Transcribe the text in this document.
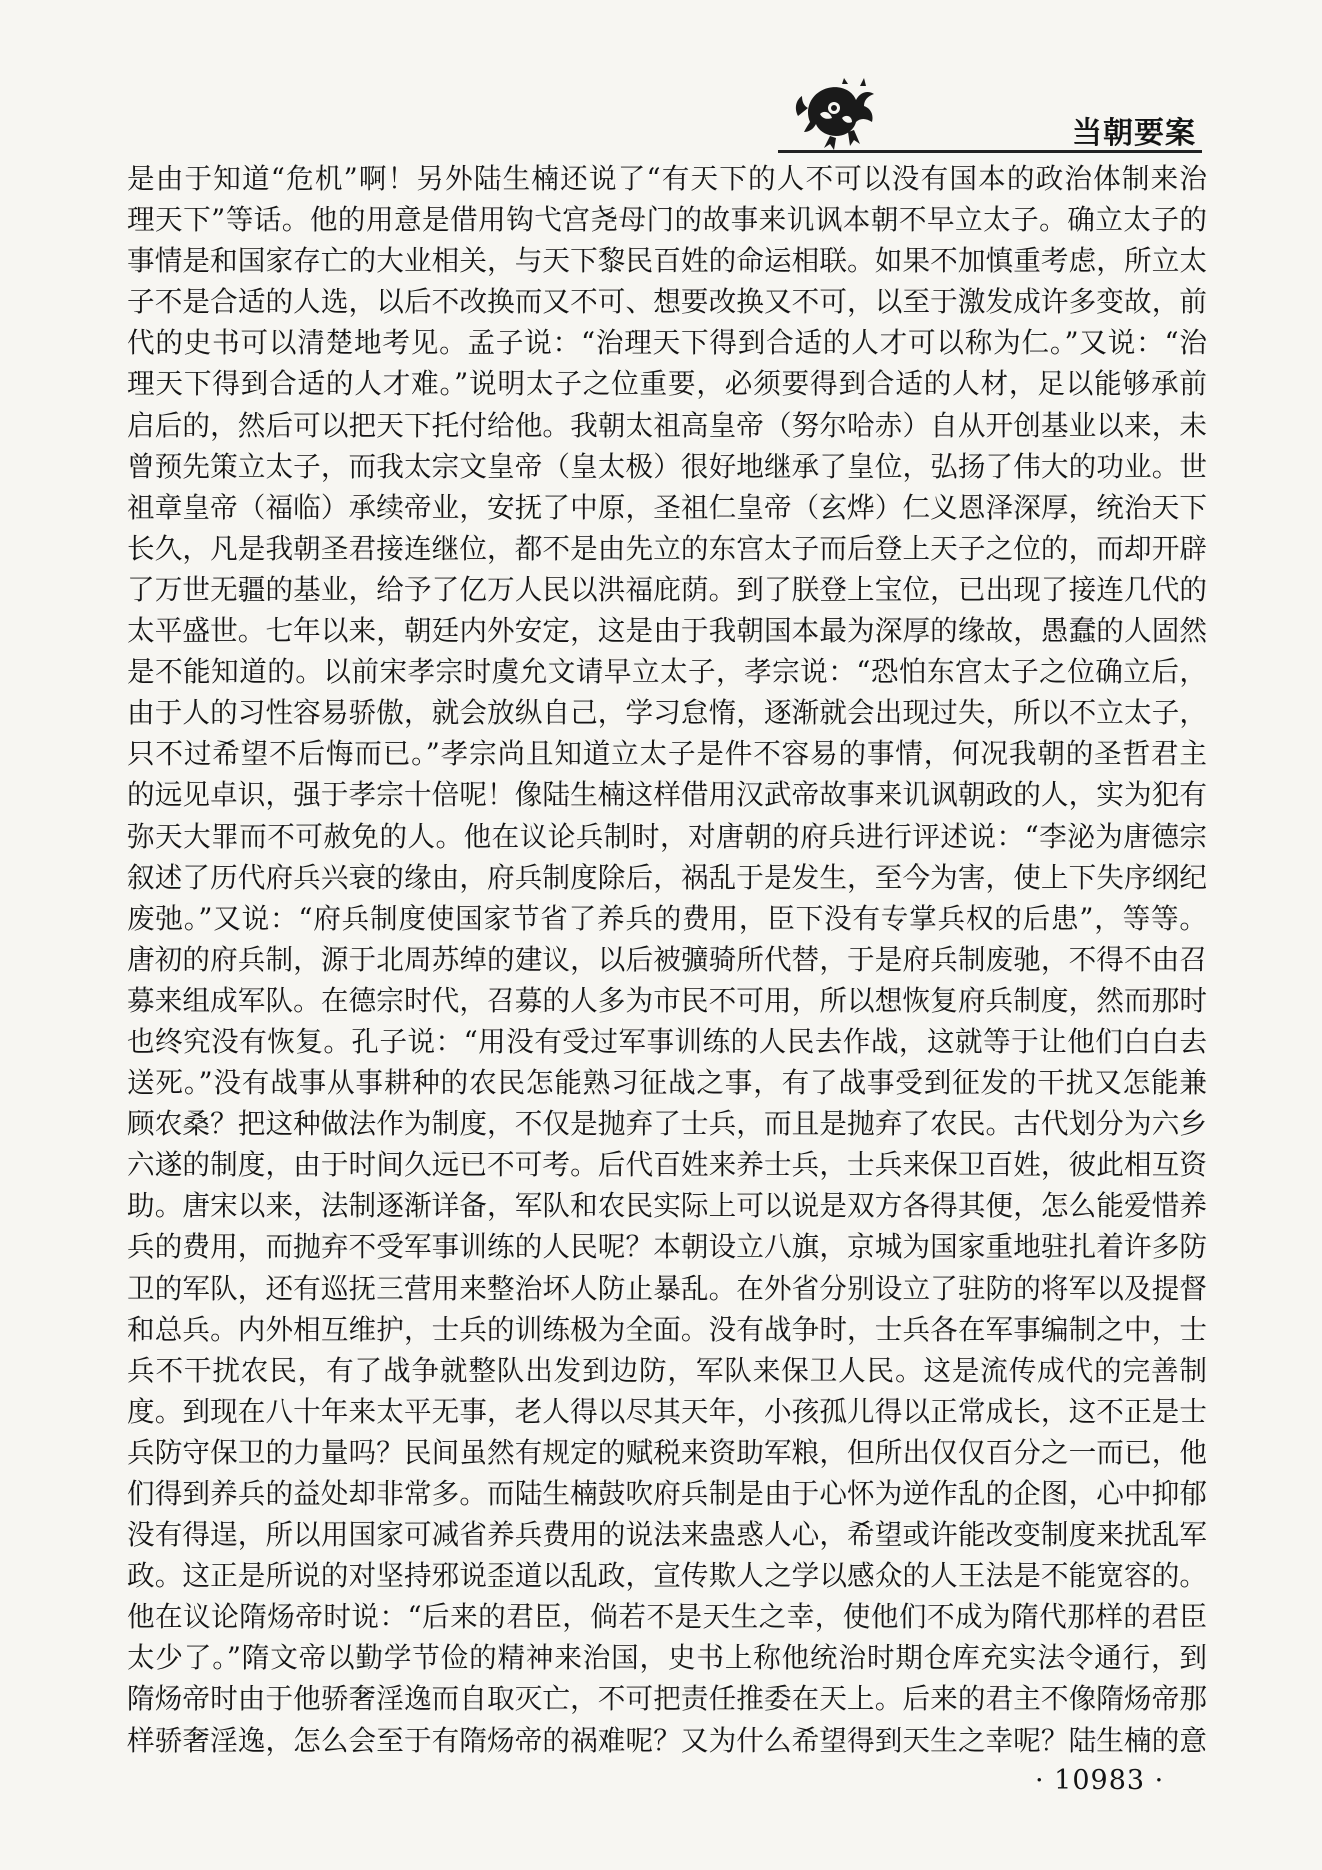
当朝要案
是由于知道“危机”啊！另外陆生楠还说了“有天下的人不可以没有国本的政治体制来治
理天下”等话。他的用意是借用钩弋宫尧母门的故事来讥讽本朝不早立太子。确立太子的
事情是和国家存亡的大业相关，与天下黎民百姓的命运相联。如果不加慎重考虑，所立太
子不是合适的人选，以后不改换而又不可、想要改换又不可，以至于激发成许多变故，前
代的史书可以清楚地考见。孟子说：“治理天下得到合适的人才可以称为仁。”又说：“治
理天下得到合适的人才难。”说明太子之位重要，必须要得到合适的人材，足以能够承前
启后的，然后可以把天下托付给他。我朝太祖高皇帝（努尔哈赤）自从开创基业以来，未
曾预先策立太子，而我太宗文皇帝（皇太极）很好地继承了皇位，弘扬了伟大的功业。世
祖章皇帝（福临）承续帝业，安抚了中原，圣祖仁皇帝（玄烨）仁义恩泽深厚，统治天下
长久，凡是我朝圣君接连继位，都不是由先立的东宫太子而后登上天子之位的，而却开辟
了万世无疆的基业，给予了亿万人民以洪福庇荫。到了朕登上宝位，已出现了接连几代的
太平盛世。七年以来，朝廷内外安定，这是由于我朝国本最为深厚的缘故，愚蠢的人固然
是不能知道的。以前宋孝宗时虞允文请早立太子，孝宗说：“恐怕东宫太子之位确立后，
由于人的习性容易骄傲，就会放纵自己，学习怠惰，逐渐就会出现过失，所以不立太子，
只不过希望不后悔而已。”孝宗尚且知道立太子是件不容易的事情，何况我朝的圣哲君主
的远见卓识，强于孝宗十倍呢！像陆生楠这样借用汉武帝故事来讥讽朝政的人，实为犯有
弥天大罪而不可赦免的人。他在议论兵制时，对唐朝的府兵进行评述说：“李泌为唐德宗
叙述了历代府兵兴衰的缘由，府兵制度除后，祸乱于是发生，至今为害，使上下失序纲纪
废弛。”又说：“府兵制度使国家节省了养兵的费用，臣下没有专掌兵权的后患”，等等。
唐初的府兵制，源于北周苏绰的建议，以后被彍骑所代替，于是府兵制废驰，不得不由召
募来组成军队。在德宗时代，召募的人多为市民不可用，所以想恢复府兵制度，然而那时
也终究没有恢复。孔子说：“用没有受过军事训练的人民去作战，这就等于让他们白白去
送死。”没有战事从事耕种的农民怎能熟习征战之事，有了战事受到征发的干扰又怎能兼
顾农桑？把这种做法作为制度，不仅是抛弃了士兵，而且是抛弃了农民。古代划分为六乡
六遂的制度，由于时间久远已不可考。后代百姓来养士兵，士兵来保卫百姓，彼此相互资
助。唐宋以来，法制逐渐详备，军队和农民实际上可以说是双方各得其便，怎么能爱惜养
兵的费用，而抛弃不受军事训练的人民呢？本朝设立八旗，京城为国家重地驻扎着许多防
卫的军队，还有巡抚三营用来整治坏人防止暴乱。在外省分别设立了驻防的将军以及提督
和总兵。内外相互维护，士兵的训练极为全面。没有战争时，士兵各在军事编制之中，士
兵不干扰农民，有了战争就整队出发到边防，军队来保卫人民。这是流传成代的完善制
度。到现在八十年来太平无事，老人得以尽其天年，小孩孤儿得以正常成长，这不正是士
兵防守保卫的力量吗？民间虽然有规定的赋税来资助军粮，但所出仅仅百分之一而已，他
们得到养兵的益处却非常多。而陆生楠鼓吹府兵制是由于心怀为逆作乱的企图，心中抑郁
没有得逞，所以用国家可减省养兵费用的说法来蛊惑人心，希望或许能改变制度来扰乱军
政。这正是所说的对坚持邪说歪道以乱政，宣传欺人之学以感众的人王法是不能宽容的。
他在议论隋炀帝时说：“后来的君臣，倘若不是天生之幸，使他们不成为隋代那样的君臣
太少了。”隋文帝以勤学节俭的精神来治国，史书上称他统治时期仓库充实法令通行，到
隋炀帝时由于他骄奢淫逸而自取灭亡，不可把责任推委在天上。后来的君主不像隋炀帝那
样骄奢淫逸，怎么会至于有隋炀帝的祸难呢？又为什么希望得到天生之幸呢？陆生楠的意
· 10983 ·
